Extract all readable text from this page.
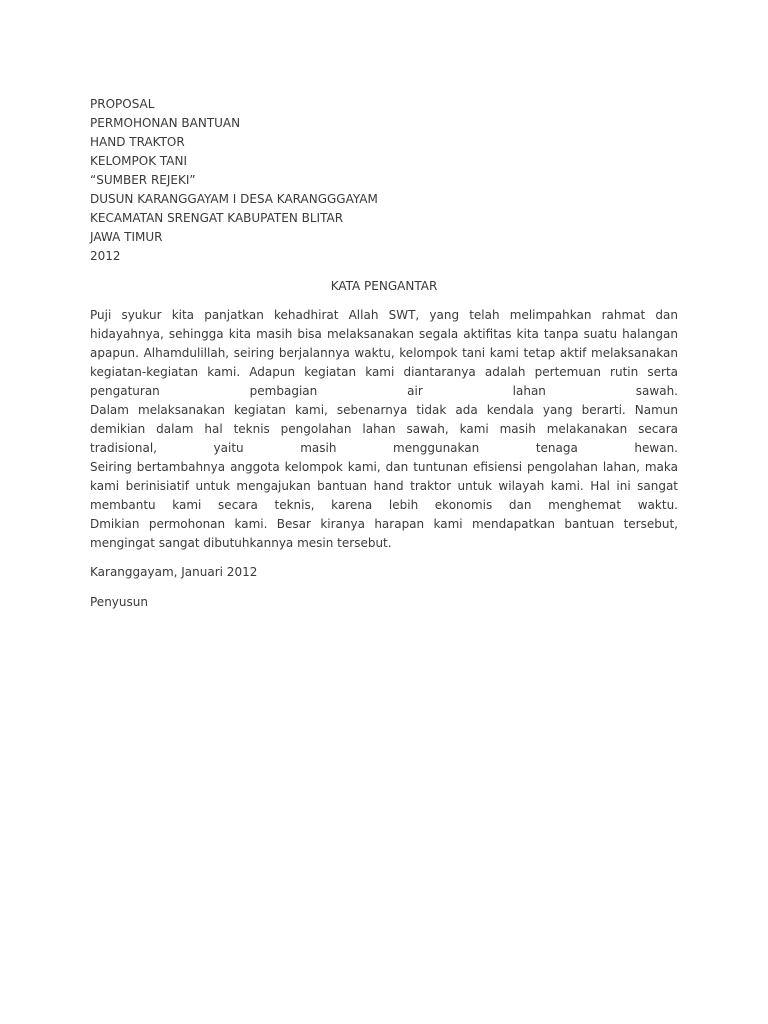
PROPOSAL
PERMOHONAN BANTUAN
HAND TRAKTOR
KELOMPOK TANI
“SUMBER REJEKI”
DUSUN KARANGGAYAM I DESA KARANGGGAYAM
KECAMATAN SRENGAT KABUPATEN BLITAR
JAWA TIMUR
2012
KATA PENGANTAR
Puji syukur kita panjatkan kehadhirat Allah SWT, yang telah melimpahkan rahmat dan hidayahnya, sehingga kita masih bisa melaksanakan segala aktifitas kita tanpa suatu halangan apapun. Alhamdulillah, seiring berjalannya waktu, kelompok tani kami tetap aktif melaksanakan kegiatan-kegiatan kami. Adapun kegiatan kami diantaranya adalah pertemuan rutin serta pengaturan pembagian air lahan sawah.
Dalam melaksanakan kegiatan kami, sebenarnya tidak ada kendala yang berarti. Namun demikian dalam hal teknis pengolahan lahan sawah, kami masih melakanakan secara tradisional, yaitu masih menggunakan tenaga hewan.
Seiring bertambahnya anggota kelompok kami, dan tuntunan efisiensi pengolahan lahan, maka kami berinisiatif untuk mengajukan bantuan hand traktor untuk wilayah kami. Hal ini sangat membantu kami secara teknis, karena lebih ekonomis dan menghemat waktu.
Dmikian permohonan kami. Besar kiranya harapan kami mendapatkan bantuan tersebut, mengingat sangat dibutuhkannya mesin tersebut.
Karanggayam, Januari 2012
Penyusun
